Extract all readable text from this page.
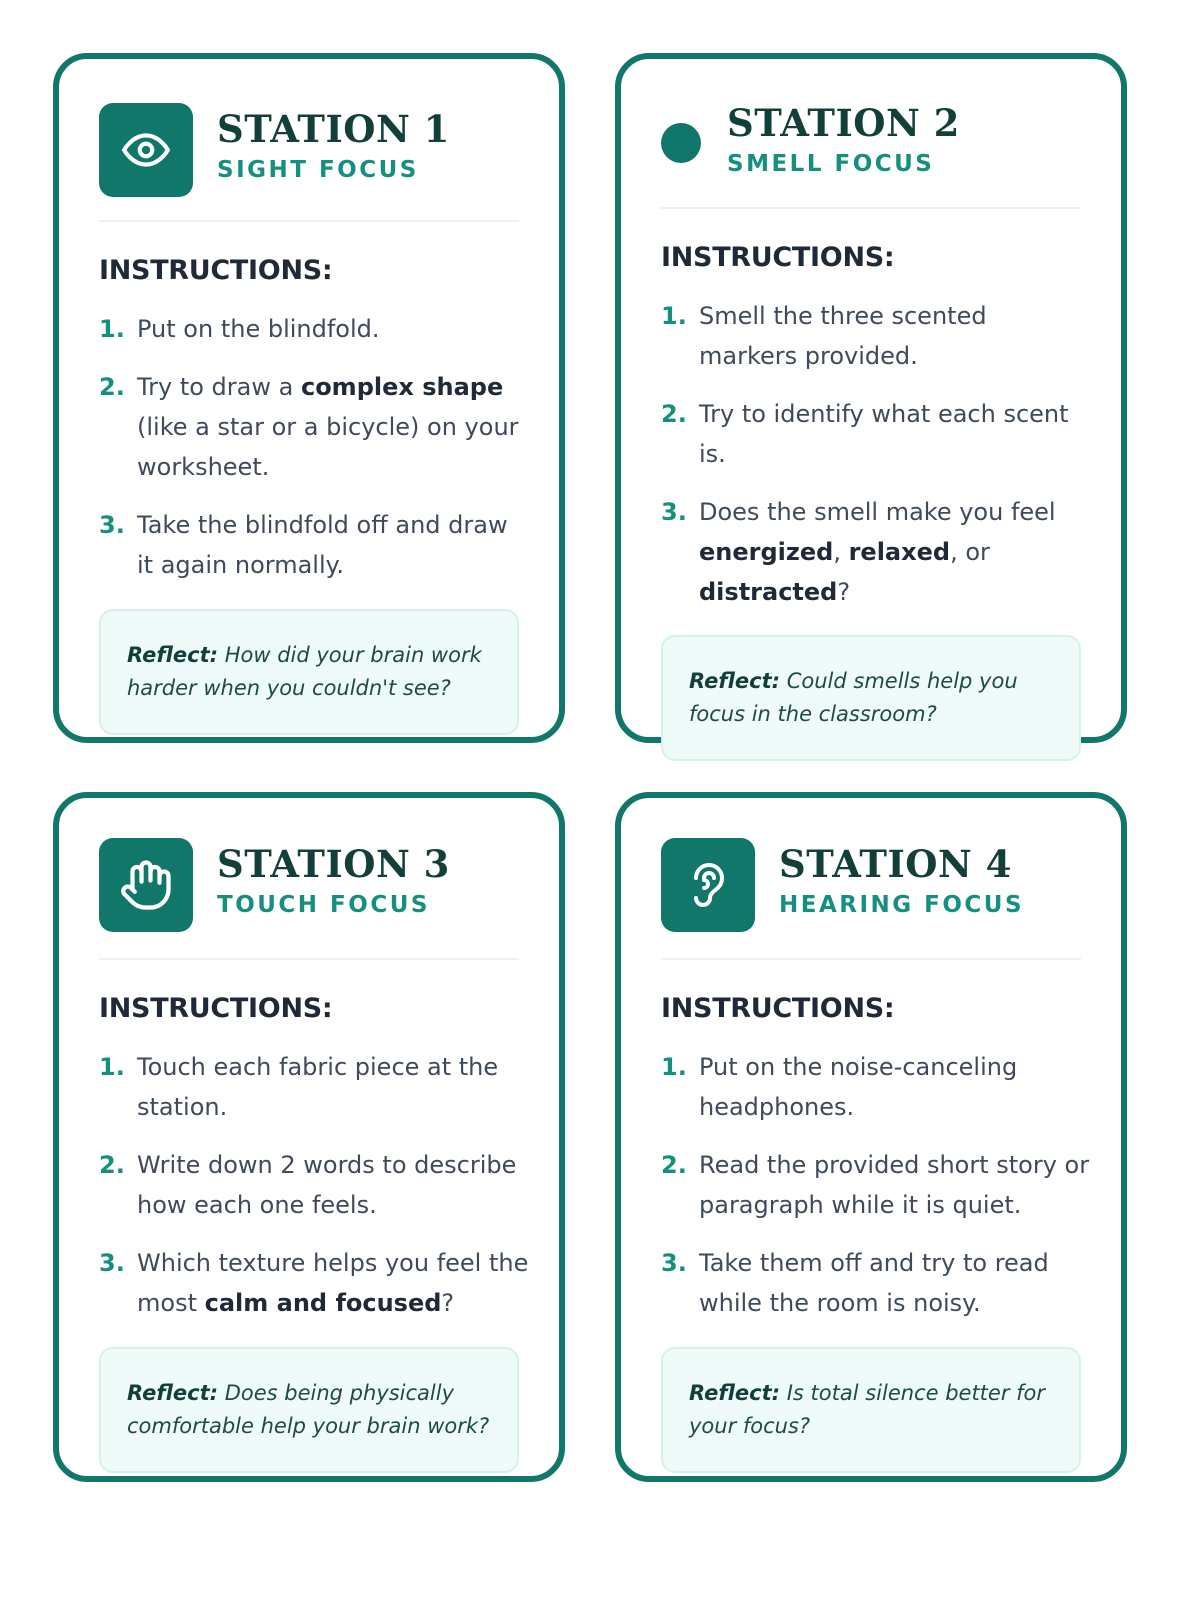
STATION 1
SIGHT FOCUS
INSTRUCTIONS:
1. Put on the blindfold.
2. Try to draw a complex shape (like a star or a bicycle) on your worksheet.
3. Take the blindfold off and draw it again normally.
Reflect: How did your brain work harder when you couldn't see?
STATION 2
SMELL FOCUS
INSTRUCTIONS:
1. Smell the three scented markers provided.
2. Try to identify what each scent is.
3. Does the smell make you feel energized, relaxed, or distracted?
Reflect: Could smells help you focus in the classroom?
STATION 3
TOUCH FOCUS
INSTRUCTIONS:
1. Touch each fabric piece at the station.
2. Write down 2 words to describe how each one feels.
3. Which texture helps you feel the most calm and focused?
Reflect: Does being physically comfortable help your brain work?
STATION 4
HEARING FOCUS
INSTRUCTIONS:
1. Put on the noise-canceling headphones.
2. Read the provided short story or paragraph while it is quiet.
3. Take them off and try to read while the room is noisy.
Reflect: Is total silence better for your focus?
